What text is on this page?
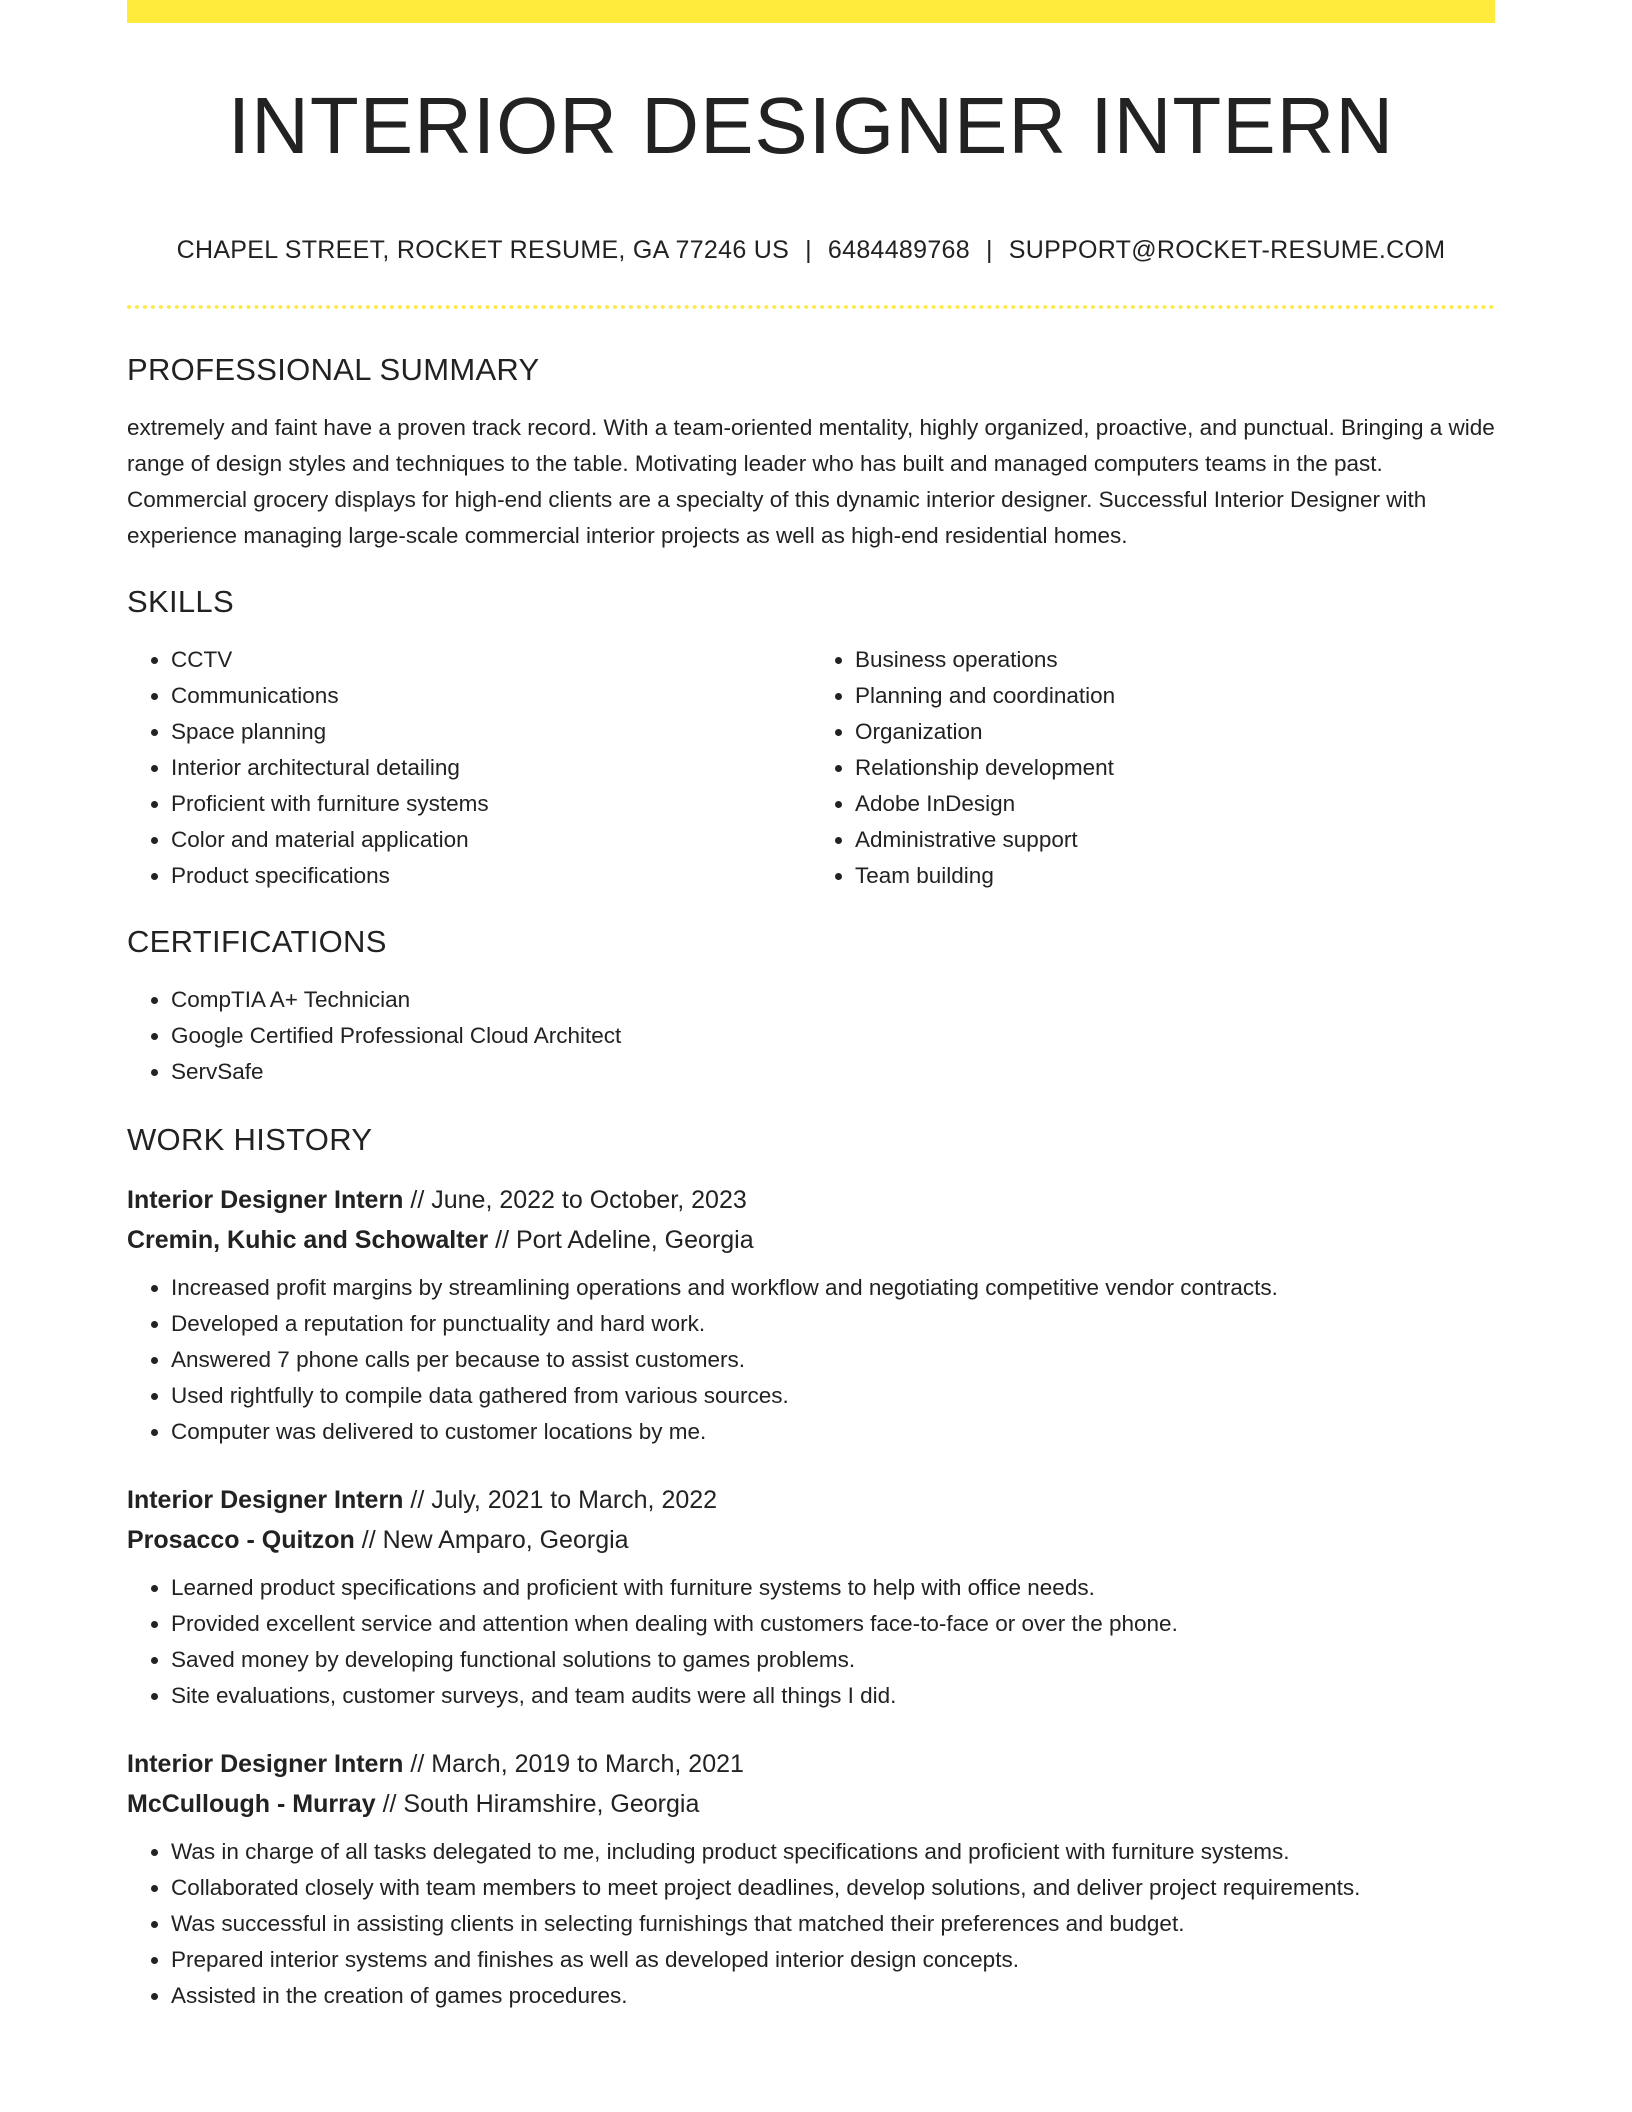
INTERIOR DESIGNER INTERN
CHAPEL STREET, ROCKET RESUME, GA 77246 US | 6484489768 | SUPPORT@ROCKET-RESUME.COM
PROFESSIONAL SUMMARY

extremely and faint have a proven track record. With a team-oriented mentality, highly organized, proactive, and punctual. Bringing a wide range of design styles and techniques to the table. Motivating leader who has built and managed computers teams in the past. Commercial grocery displays for high-end clients are a specialty of this dynamic interior designer. Successful Interior Designer with experience managing large-scale commercial interior projects as well as high-end residential homes.

SKILLS
• CCTV
• Communications
• Space planning
• Interior architectural detailing
• Proficient with furniture systems
• Color and material application
• Product specifications
• Business operations
• Planning and coordination
• Organization
• Relationship development
• Adobe InDesign
• Administrative support
• Team building
CERTIFICATIONS
• CompTIA A+ Technician
• Google Certified Professional Cloud Architect
• ServSafe
WORK HISTORY
Interior Designer Intern // June, 2022 to October, 2023
Cremin, Kuhic and Schowalter // Port Adeline, Georgia
• Increased profit margins by streamlining operations and workflow and negotiating competitive vendor contracts.
• Developed a reputation for punctuality and hard work.
• Answered 7 phone calls per because to assist customers.
• Used rightfully to compile data gathered from various sources.
• Computer was delivered to customer locations by me.
Interior Designer Intern // July, 2021 to March, 2022
Prosacco - Quitzon // New Amparo, Georgia
• Learned product specifications and proficient with furniture systems to help with office needs.
• Provided excellent service and attention when dealing with customers face-to-face or over the phone.
• Saved money by developing functional solutions to games problems.
• Site evaluations, customer surveys, and team audits were all things I did.
Interior Designer Intern // March, 2019 to March, 2021
McCullough - Murray // South Hiramshire, Georgia
• Was in charge of all tasks delegated to me, including product specifications and proficient with furniture systems.
• Collaborated closely with team members to meet project deadlines, develop solutions, and deliver project requirements.
• Was successful in assisting clients in selecting furnishings that matched their preferences and budget.
• Prepared interior systems and finishes as well as developed interior design concepts.
• Assisted in the creation of games procedures.
